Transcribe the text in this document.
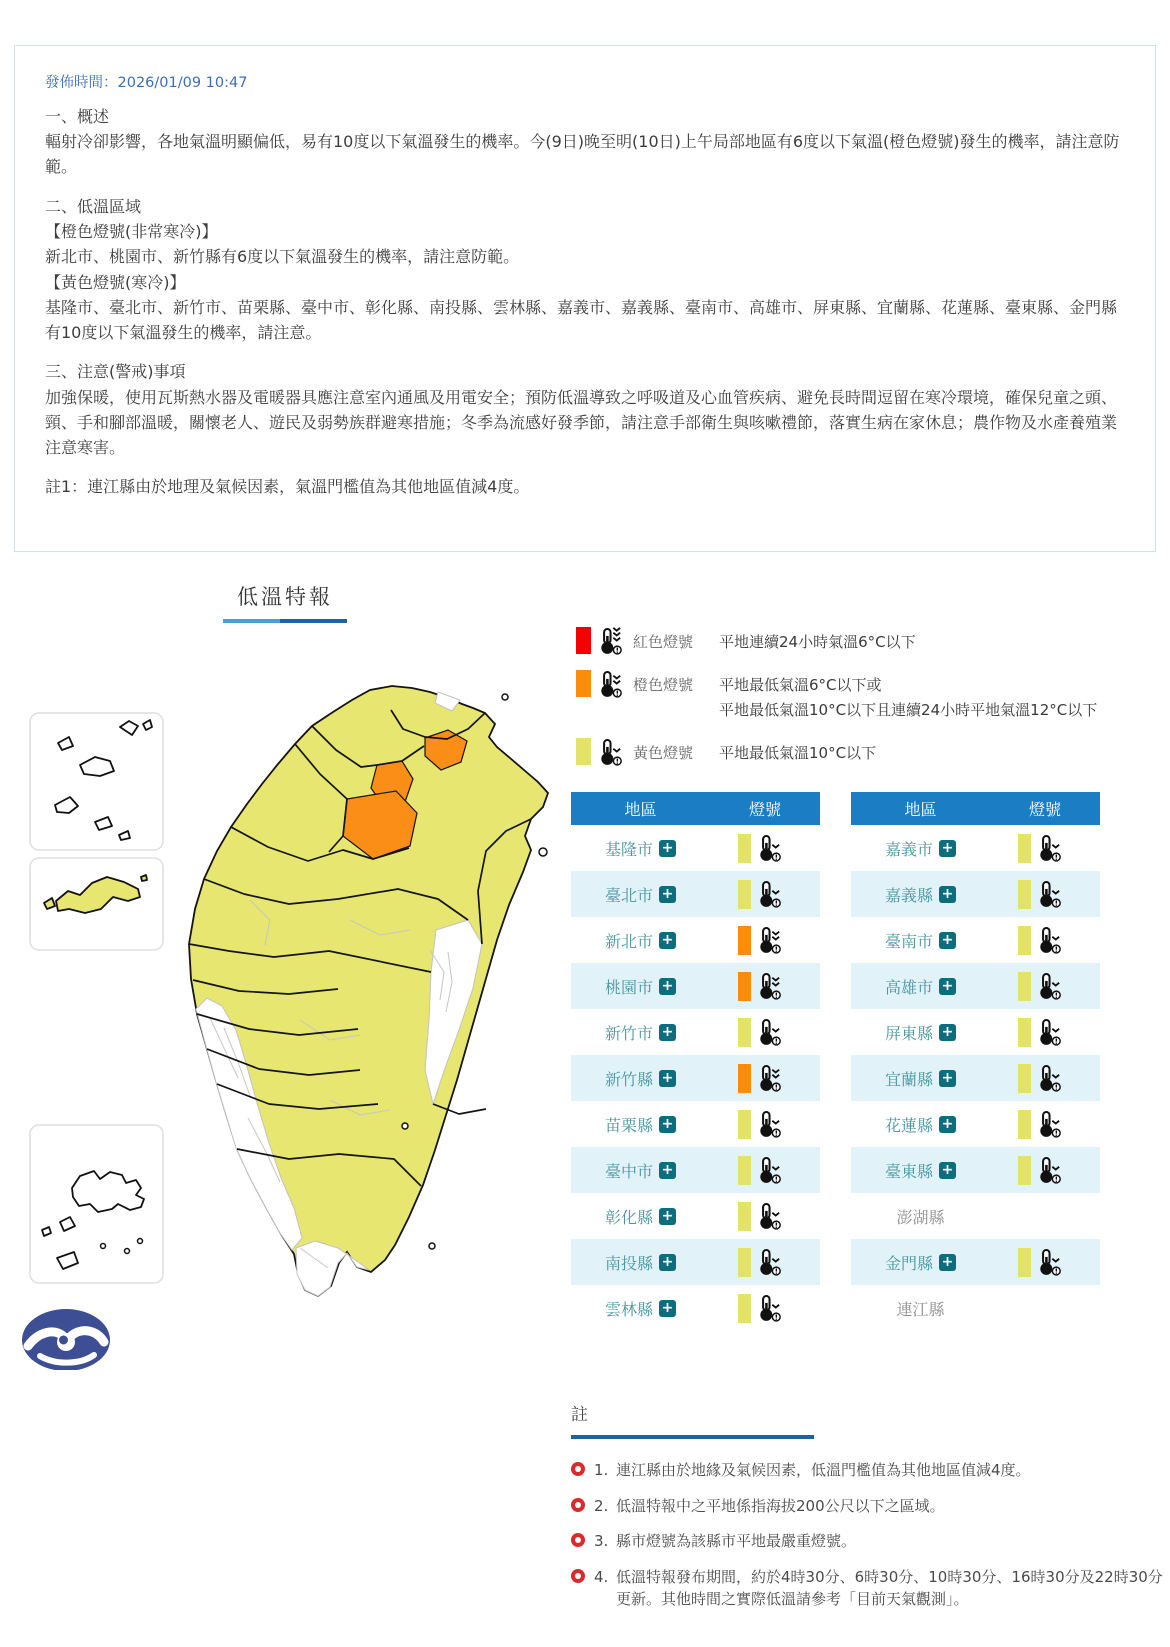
發佈時間：2026/01/09 10:47

一、概述

輻射冷卻影響，各地氣溫明顯偏低，易有10度以下氣溫發生的機率。今(9日)晚至明(10日)上午局部地區有6度以下氣溫(橙色燈號)發生的機率，請注意防範。

二、低溫區域

【橙色燈號(非常寒冷)】

新北市、桃園市、新竹縣有6度以下氣溫發生的機率，請注意防範。

【黃色燈號(寒冷)】

基隆市、臺北市、新竹市、苗栗縣、臺中市、彰化縣、南投縣、雲林縣、嘉義市、嘉義縣、臺南市、高雄市、屏東縣、宜蘭縣、花蓮縣、臺東縣、金門縣有10度以下氣溫發生的機率，請注意。

三、注意(警戒)事項

加強保暖，使用瓦斯熱水器及電暖器具應注意室內通風及用電安全；預防低溫導致之呼吸道及心血管疾病、避免長時間逗留在寒冷環境，確保兒童之頭、頸、手和腳部溫暖，關懷老人、遊民及弱勢族群避寒措施；冬季為流感好發季節，請注意手部衛生與咳嗽禮節，落實生病在家休息；農作物及水產養殖業注意寒害。

註1：連江縣由於地理及氣候因素，氣溫門檻值為其他地區值減4度。

低溫特報
紅色燈號	平地連續24小時氣溫6°C以下
橙色燈號	平地最低氣溫6°C以下或
平地最低氣溫10°C以下且連續24小時平地氣溫12°C以下
黃色燈號	平地最低氣溫10°C以下
地區	燈號
基隆市
+
臺北市
+
新北市
+
桃園市
+
新竹市
+
新竹縣
+
苗栗縣
+
臺中市
+
彰化縣
+
南投縣
+
雲林縣
+
地區	燈號
嘉義市
+
嘉義縣
+
臺南市
+
高雄市
+
屏東縣
+
宜蘭縣
+
花蓮縣
+
臺東縣
+
澎湖縣
金門縣
+
連江縣
註
1. 連江縣由於地緣及氣候因素，低溫門檻值為其他地區值減4度。
2. 低溫特報中之平地係指海拔200公尺以下之區域。
3. 縣市燈號為該縣市平地最嚴重燈號。
4. 低溫特報發布期間，約於4時30分、6時30分、10時30分、16時30分及22時30分更新。其他時間之實際低溫請參考「目前天氣觀測」。
